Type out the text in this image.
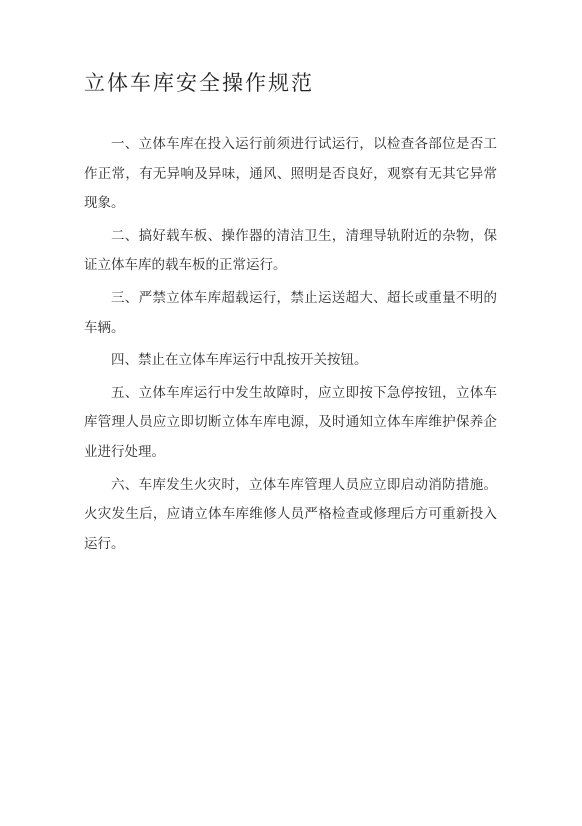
立体车库安全操作规范

一、立体车库在投入运行前须进行试运行，以检查各部位是否工作正常，有无异响及异味，通风、照明是否良好，观察有无其它异常现象。

二、搞好载车板、操作器的清洁卫生，清理导轨附近的杂物，保证立体车库的载车板的正常运行。

三、严禁立体车库超载运行，禁止运送超大、超长或重量不明的车辆。

四、禁止在立体车库运行中乱按开关按钮。

五、立体车库运行中发生故障时，应立即按下急停按钮，立体车库管理人员应立即切断立体车库电源，及时通知立体车库维护保养企业进行处理。

六、车库发生火灾时，立体车库管理人员应立即启动消防措施。火灾发生后，应请立体车库维修人员严格检查或修理后方可重新投入运行。
